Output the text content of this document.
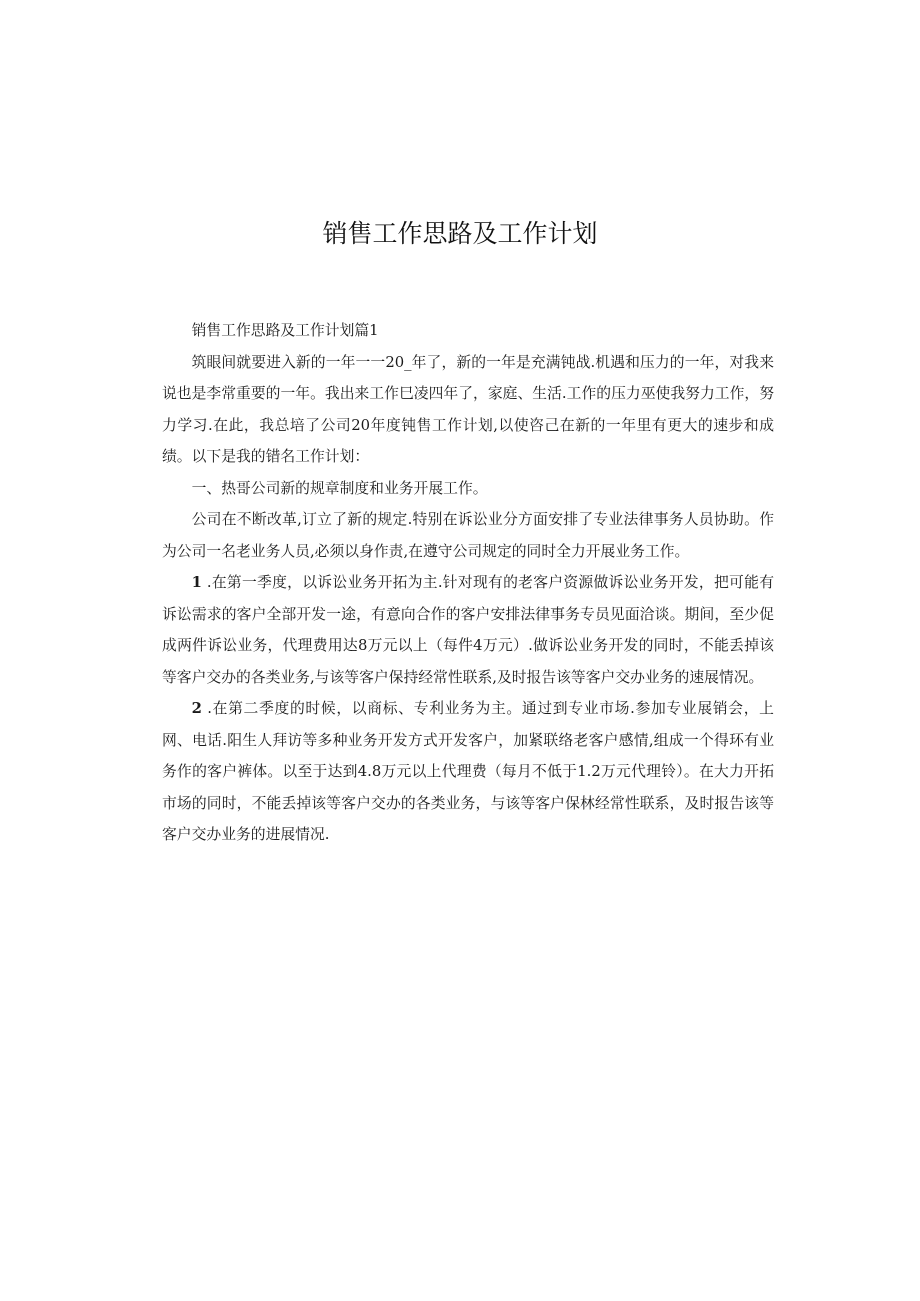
销售工作思路及工作计划

销售工作思路及工作计划篇1

筑眼间就要进入新的一年一一20_年了，新的一年是充满钝战.机遇和压力的一年，对我来说也是李常重要的一年。我出来工作巳凌四年了，家庭、生活.工作的压力巫使我努力工作，努力学习.在此，我总培了公司20年度钝售工作计划,以使咨己在新的一年里有更大的速步和成绩。以下是我的错名工作计划：

一、热哥公司新的规章制度和业务开展工作。

公司在不断改革,订立了新的规定.特别在诉讼业分方面安排了专业法律事务人员协助。作为公司一名老业务人员,必须以身作责,在遵守公司规定的同时全力开展业务工作。

1 .在第一季度，以诉讼业务开拓为主.针对现有的老客户资源做诉讼业务开发，把可能有诉讼需求的客户全部开发一途，有意向合作的客户安排法律事务专员见面洽谈。期间，至少促成两件诉讼业务，代理费用达8万元以上（每件4万元）.做诉讼业务开发的同时，不能丢掉该等客户交办的各类业务,与该等客户保持经常性联系,及时报告该等客户交办业务的速展情况。

2 .在第二季度的时候，以商标、专利业务为主。通过到专业市场.参加专业展销会，上网、电话.阳生人拜访等多种业务开发方式开发客户，加紧联络老客户感情,组成一个得环有业务作的客户裤体。以至于达到4.8万元以上代理费（每月不低于1.2万元代理铃）。在大力开拓市场的同时，不能丢掉该等客户交办的各类业务，与该等客户保林经常性联系，及时报告该等客户交办业务的进展情况.
